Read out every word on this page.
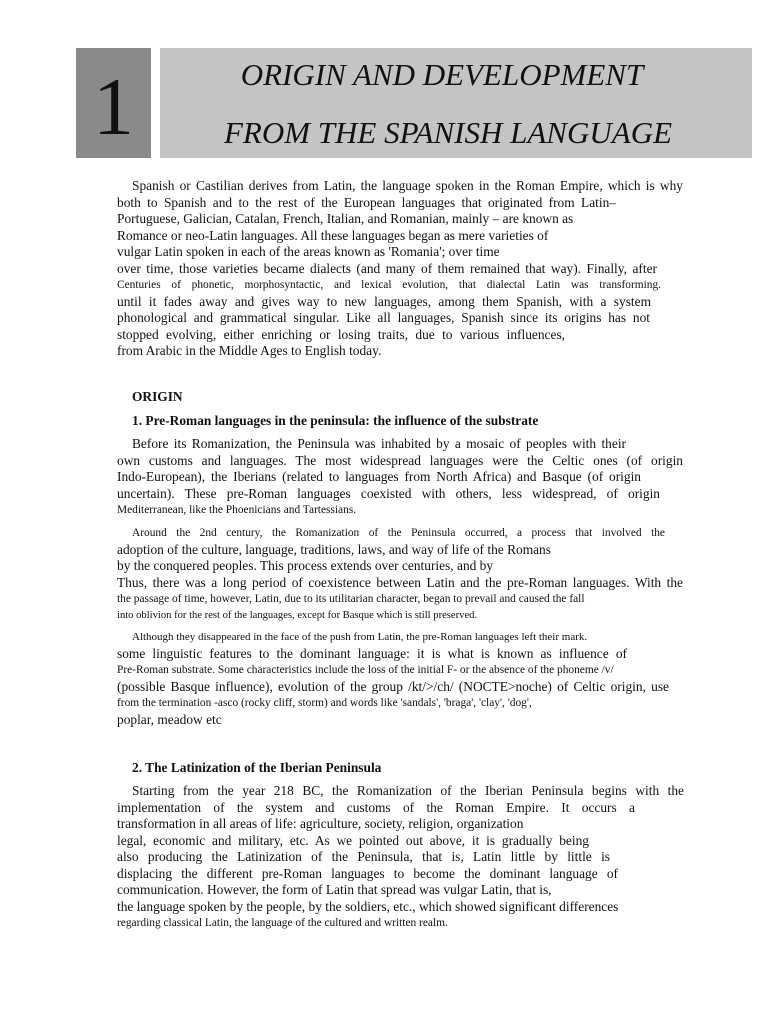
1	ORIGIN AND DEVELOPMENT
FROM THE SPANISH LANGUAGE
Spanish or Castilian derives from Latin, the language spoken in the Roman Empire, which is why
both to Spanish and to the rest of the European languages that originated from Latin–
Portuguese, Galician, Catalan, French, Italian, and Romanian, mainly – are known as
Romance or neo-Latin languages. All these languages began as mere varieties of
vulgar Latin spoken in each of the areas known as 'Romania'; over time
over time, those varieties became dialects (and many of them remained that way). Finally, after
Centuries of phonetic, morphosyntactic, and lexical evolution, that dialectal Latin was transforming.
until it fades away and gives way to new languages, among them Spanish, with a system
phonological and grammatical singular. Like all languages, Spanish since its origins has not
stopped evolving, either enriching or losing traits, due to various influences,
from Arabic in the Middle Ages to English today.
ORIGIN
1. Pre-Roman languages in the peninsula: the influence of the substrate
Before its Romanization, the Peninsula was inhabited by a mosaic of peoples with their
own customs and languages. The most widespread languages were the Celtic ones (of origin
Indo-European), the Iberians (related to languages from North Africa) and Basque (of origin
uncertain). These pre-Roman languages coexisted with others, less widespread, of origin
Mediterranean, like the Phoenicians and Tartessians.
Around the 2nd century, the Romanization of the Peninsula occurred, a process that involved the
adoption of the culture, language, traditions, laws, and way of life of the Romans
by the conquered peoples. This process extends over centuries, and by
Thus, there was a long period of coexistence between Latin and the pre-Roman languages. With the
the passage of time, however, Latin, due to its utilitarian character, began to prevail and caused the fall
into oblivion for the rest of the languages, except for Basque which is still preserved.
Although they disappeared in the face of the push from Latin, the pre-Roman languages left their mark.
some linguistic features to the dominant language: it is what is known as influence of
Pre-Roman substrate. Some characteristics include the loss of the initial F- or the absence of the phoneme /v/
(possible Basque influence), evolution of the group /kt/>/ch/ (NOCTE>noche) of Celtic origin, use
from the termination -asco (rocky cliff, storm) and words like 'sandals', 'braga', 'clay', 'dog',
poplar, meadow etc
2. The Latinization of the Iberian Peninsula
Starting from the year 218 BC, the Romanization of the Iberian Peninsula begins with the
implementation of the system and customs of the Roman Empire. It occurs a
transformation in all areas of life: agriculture, society, religion, organization
legal, economic and military, etc. As we pointed out above, it is gradually being
also producing the Latinization of the Peninsula, that is, Latin little by little is
displacing the different pre-Roman languages to become the dominant language of
communication. However, the form of Latin that spread was vulgar Latin, that is,
the language spoken by the people, by the soldiers, etc., which showed significant differences
regarding classical Latin, the language of the cultured and written realm.
